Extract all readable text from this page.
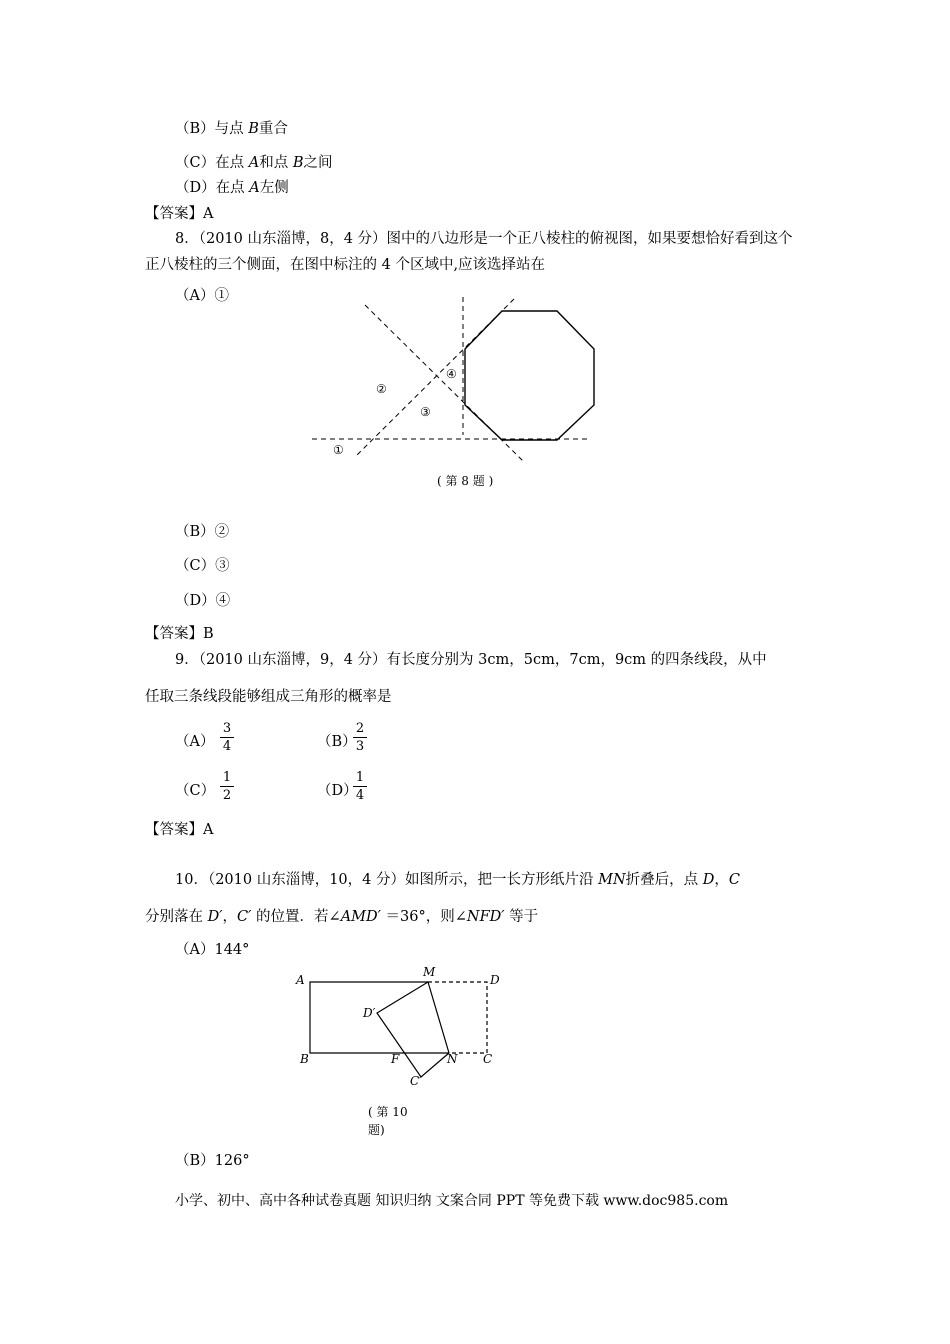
（B）与点 B重合
（C）在点 A和点 B之间
（D）在点 A左侧
【答案】A
8．（2010 山东淄博，8，4 分）图中的八边形是一个正八棱柱的俯视图，如果要想恰好看到这个
正八棱柱的三个侧面，在图中标注的 4 个区域中,应该选择站在
（A）①
①
②
③
④
( 第 8 题 )
（B）②
（C）③
（D）④
【答案】B
9．（2010 山东淄博，9，4 分）有长度分别为 3cm，5cm，7cm，9cm 的四条线段，从中
任取三条线段能够组成三角形的概率是
（A）
3
4	（B）
2
3
（C）
1
2	（D）
1
4
【答案】A
10．（2010 山东淄博，10，4 分）如图所示，把一长方形纸片沿 MN折叠后，点 D，C
分别落在 D′，C′ 的位置．若∠AMD′ ＝36°，则∠NFD′ 等于
（A）144°
A
M
D
D′
B	F	N C
C′
( 第 10
题)
（B）126°
小学、初中、高中各种试卷真题 知识归纳 文案合同 PPT 等免费下载 www.doc985.com
